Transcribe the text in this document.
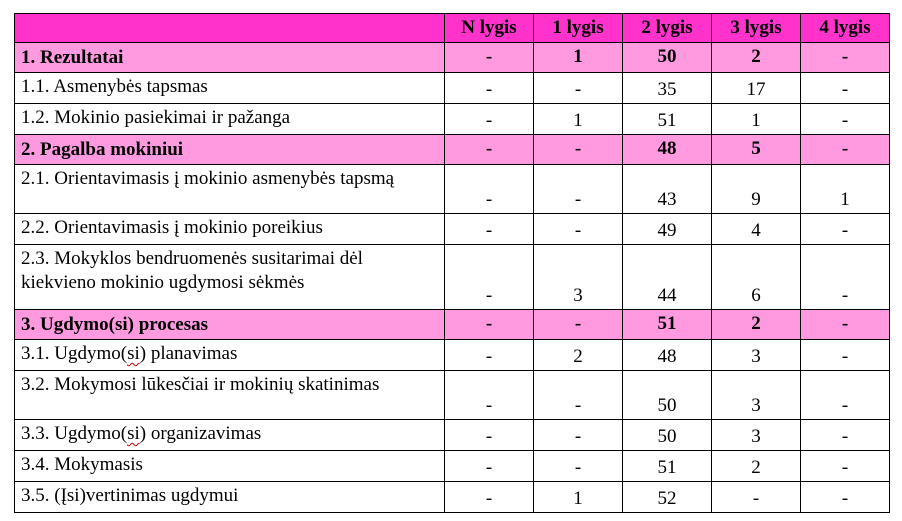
	N lygis	1 lygis	2 lygis	3 lygis	4 lygis
1. Rezultatai	-	1	50	2	-
1.1. Asmenybės tapsmas	-	-	35	17	-
1.2. Mokinio pasiekimai ir pažanga	-	1	51	1	-
2. Pagalba mokiniui	-	-	48	5	-
2.1. Orientavimasis į mokinio asmenybės tapsmą	-	-	43	9	1
2.2. Orientavimasis į mokinio poreikius	-	-	49	4	-
2.3. Mokyklos bendruomenės susitarimai dėl kiekvieno mokinio ugdymosi sėkmės	-	3	44	6	-
3. Ugdymo(si) procesas	-	-	51	2	-
3.1. Ugdymo(si) planavimas	-	2	48	3	-
3.2. Mokymosi lūkesčiai ir mokinių skatinimas	-	-	50	3	-
3.3. Ugdymo(si) organizavimas	-	-	50	3	-
3.4. Mokymasis	-	-	51	2	-
3.5. (Įsi)vertinimas ugdymui	-	1	52	-	-
